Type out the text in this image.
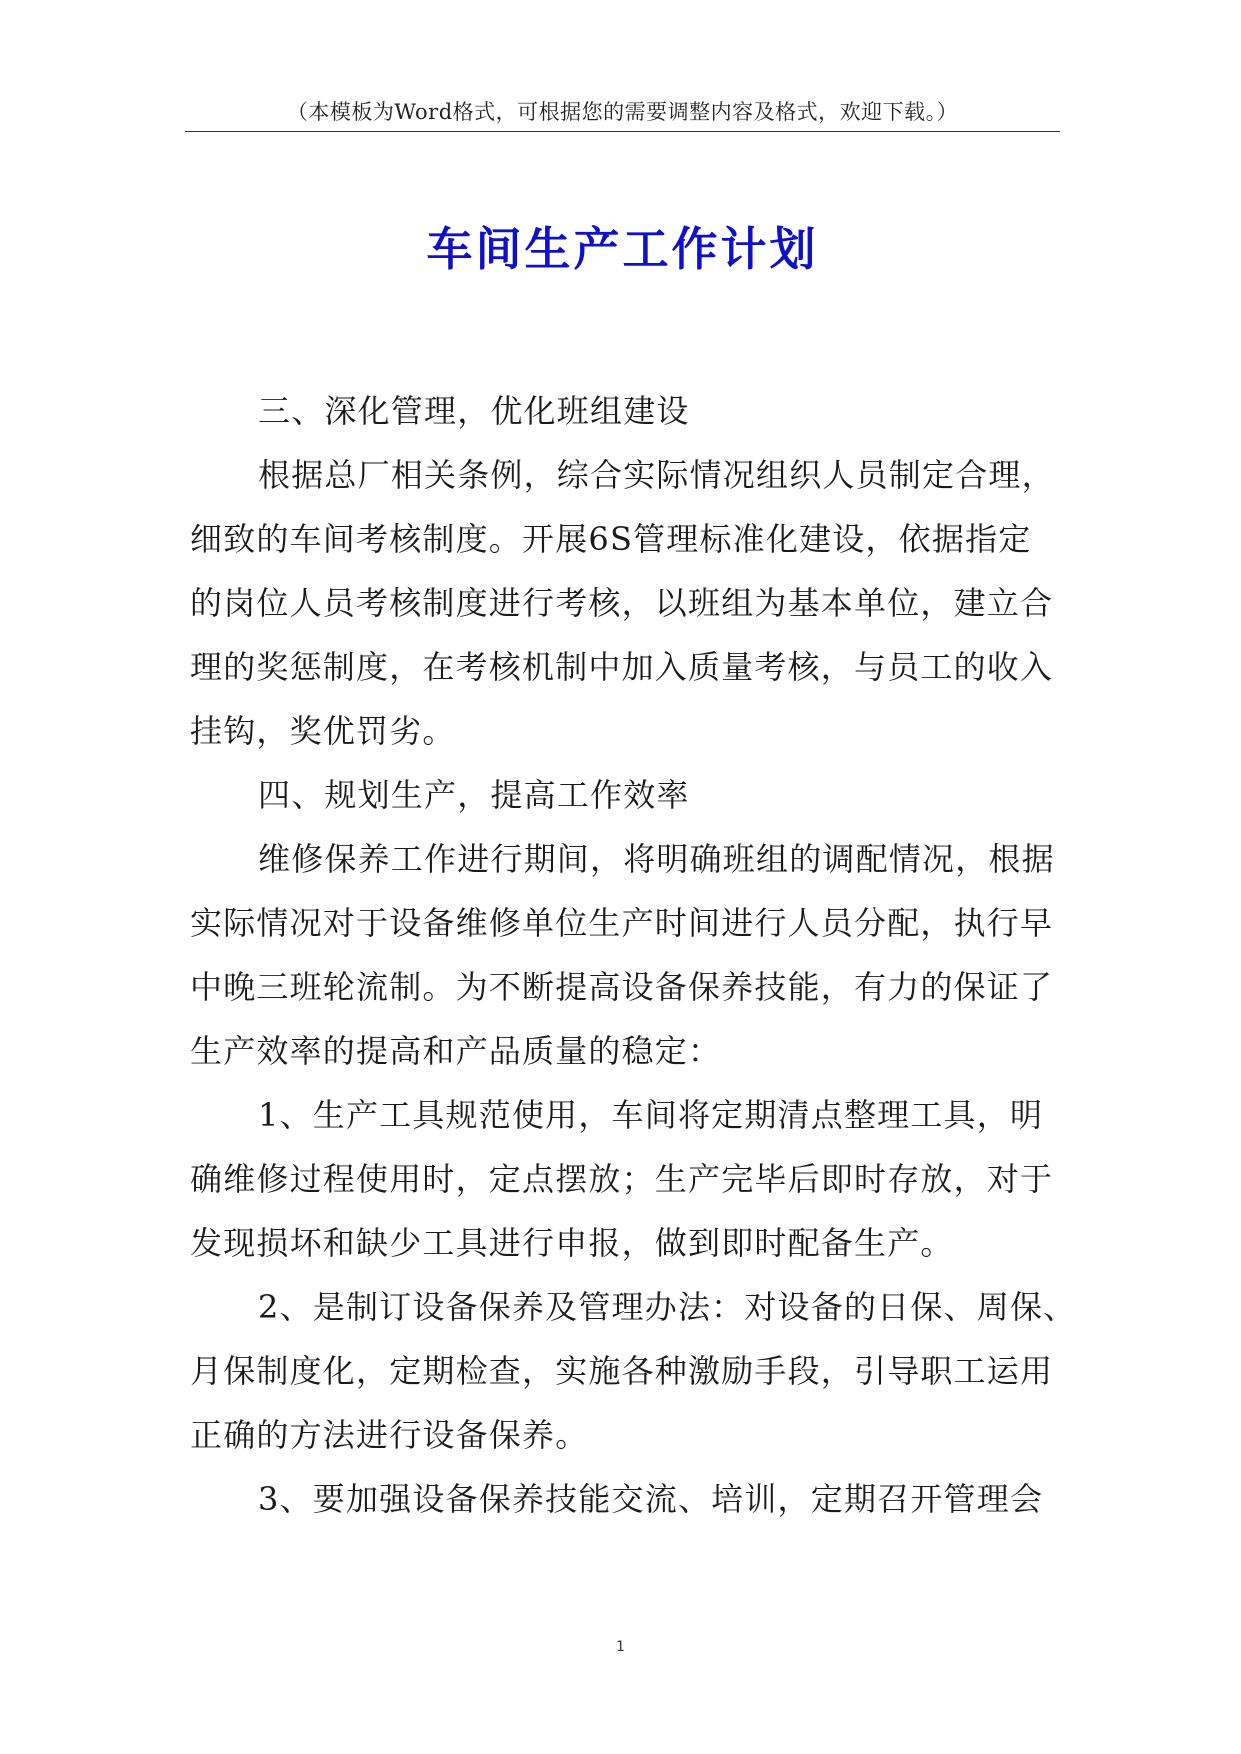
（本模板为Word格式，可根据您的需要调整内容及格式，欢迎下载。）
车间生产工作计划
三、深化管理，优化班组建设
根据总厂相关条例，综合实际情况组织人员制定合理，
细致的车间考核制度。开展6S管理标准化建设，依据指定
的岗位人员考核制度进行考核，以班组为基本单位，建立合
理的奖惩制度，在考核机制中加入质量考核，与员工的收入
挂钩，奖优罚劣。
四、规划生产，提高工作效率
维修保养工作进行期间，将明确班组的调配情况，根据
实际情况对于设备维修单位生产时间进行人员分配，执行早
中晚三班轮流制。为不断提高设备保养技能，有力的保证了
生产效率的提高和产品质量的稳定：
1、生产工具规范使用，车间将定期清点整理工具，明
确维修过程使用时，定点摆放；生产完毕后即时存放，对于
发现损坏和缺少工具进行申报，做到即时配备生产。
2、是制订设备保养及管理办法：对设备的日保、周保、
月保制度化，定期检查，实施各种激励手段，引导职工运用
正确的方法进行设备保养。
3、要加强设备保养技能交流、培训，定期召开管理会
1
